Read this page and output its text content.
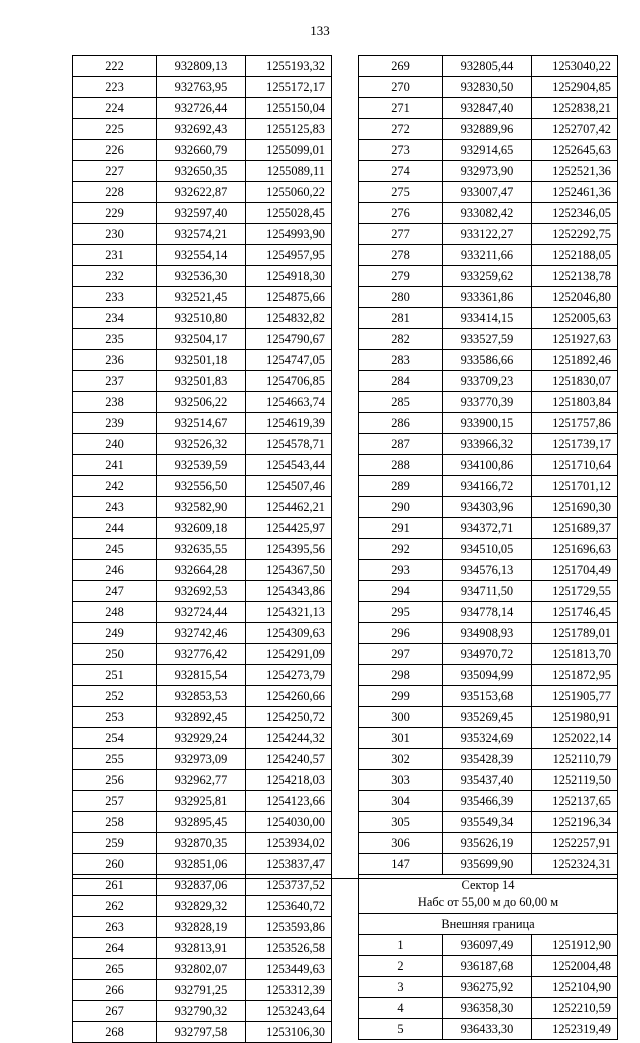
133
222	932809,13	1255193,32
223	932763,95	1255172,17
224	932726,44	1255150,04
225	932692,43	1255125,83
226	932660,79	1255099,01
227	932650,35	1255089,11
228	932622,87	1255060,22
229	932597,40	1255028,45
230	932574,21	1254993,90
231	932554,14	1254957,95
232	932536,30	1254918,30
233	932521,45	1254875,66
234	932510,80	1254832,82
235	932504,17	1254790,67
236	932501,18	1254747,05
237	932501,83	1254706,85
238	932506,22	1254663,74
239	932514,67	1254619,39
240	932526,32	1254578,71
241	932539,59	1254543,44
242	932556,50	1254507,46
243	932582,90	1254462,21
244	932609,18	1254425,97
245	932635,55	1254395,56
246	932664,28	1254367,50
247	932692,53	1254343,86
248	932724,44	1254321,13
249	932742,46	1254309,63
250	932776,42	1254291,09
251	932815,54	1254273,79
252	932853,53	1254260,66
253	932892,45	1254250,72
254	932929,24	1254244,32
255	932973,09	1254240,57
256	932962,77	1254218,03
257	932925,81	1254123,66
258	932895,45	1254030,00
259	932870,35	1253934,02
260	932851,06	1253837,47
261	932837,06	1253737,52
262	932829,32	1253640,72
263	932828,19	1253593,86
264	932813,91	1253526,58
265	932802,07	1253449,63
266	932791,25	1253312,39
267	932790,32	1253243,64
268	932797,58	1253106,30
269	932805,44	1253040,22
270	932830,50	1252904,85
271	932847,40	1252838,21
272	932889,96	1252707,42
273	932914,65	1252645,63
274	932973,90	1252521,36
275	933007,47	1252461,36
276	933082,42	1252346,05
277	933122,27	1252292,75
278	933211,66	1252188,05
279	933259,62	1252138,78
280	933361,86	1252046,80
281	933414,15	1252005,63
282	933527,59	1251927,63
283	933586,66	1251892,46
284	933709,23	1251830,07
285	933770,39	1251803,84
286	933900,15	1251757,86
287	933966,32	1251739,17
288	934100,86	1251710,64
289	934166,72	1251701,12
290	934303,96	1251690,30
291	934372,71	1251689,37
292	934510,05	1251696,63
293	934576,13	1251704,49
294	934711,50	1251729,55
295	934778,14	1251746,45
296	934908,93	1251789,01
297	934970,72	1251813,70
298	935094,99	1251872,95
299	935153,68	1251905,77
300	935269,45	1251980,91
301	935324,69	1252022,14
302	935428,39	1252110,79
303	935437,40	1252119,50
304	935466,39	1252137,65
305	935549,34	1252196,34
306	935626,19	1252257,91
147	935699,90	1252324,31

Сектор 14
Набс от 55,00 м до 60,00 м		

Внешняя граница		

1	936097,49	1251912,90
2	936187,68	1252004,48
3	936275,92	1252104,90
4	936358,30	1252210,59
5	936433,30	1252319,49
